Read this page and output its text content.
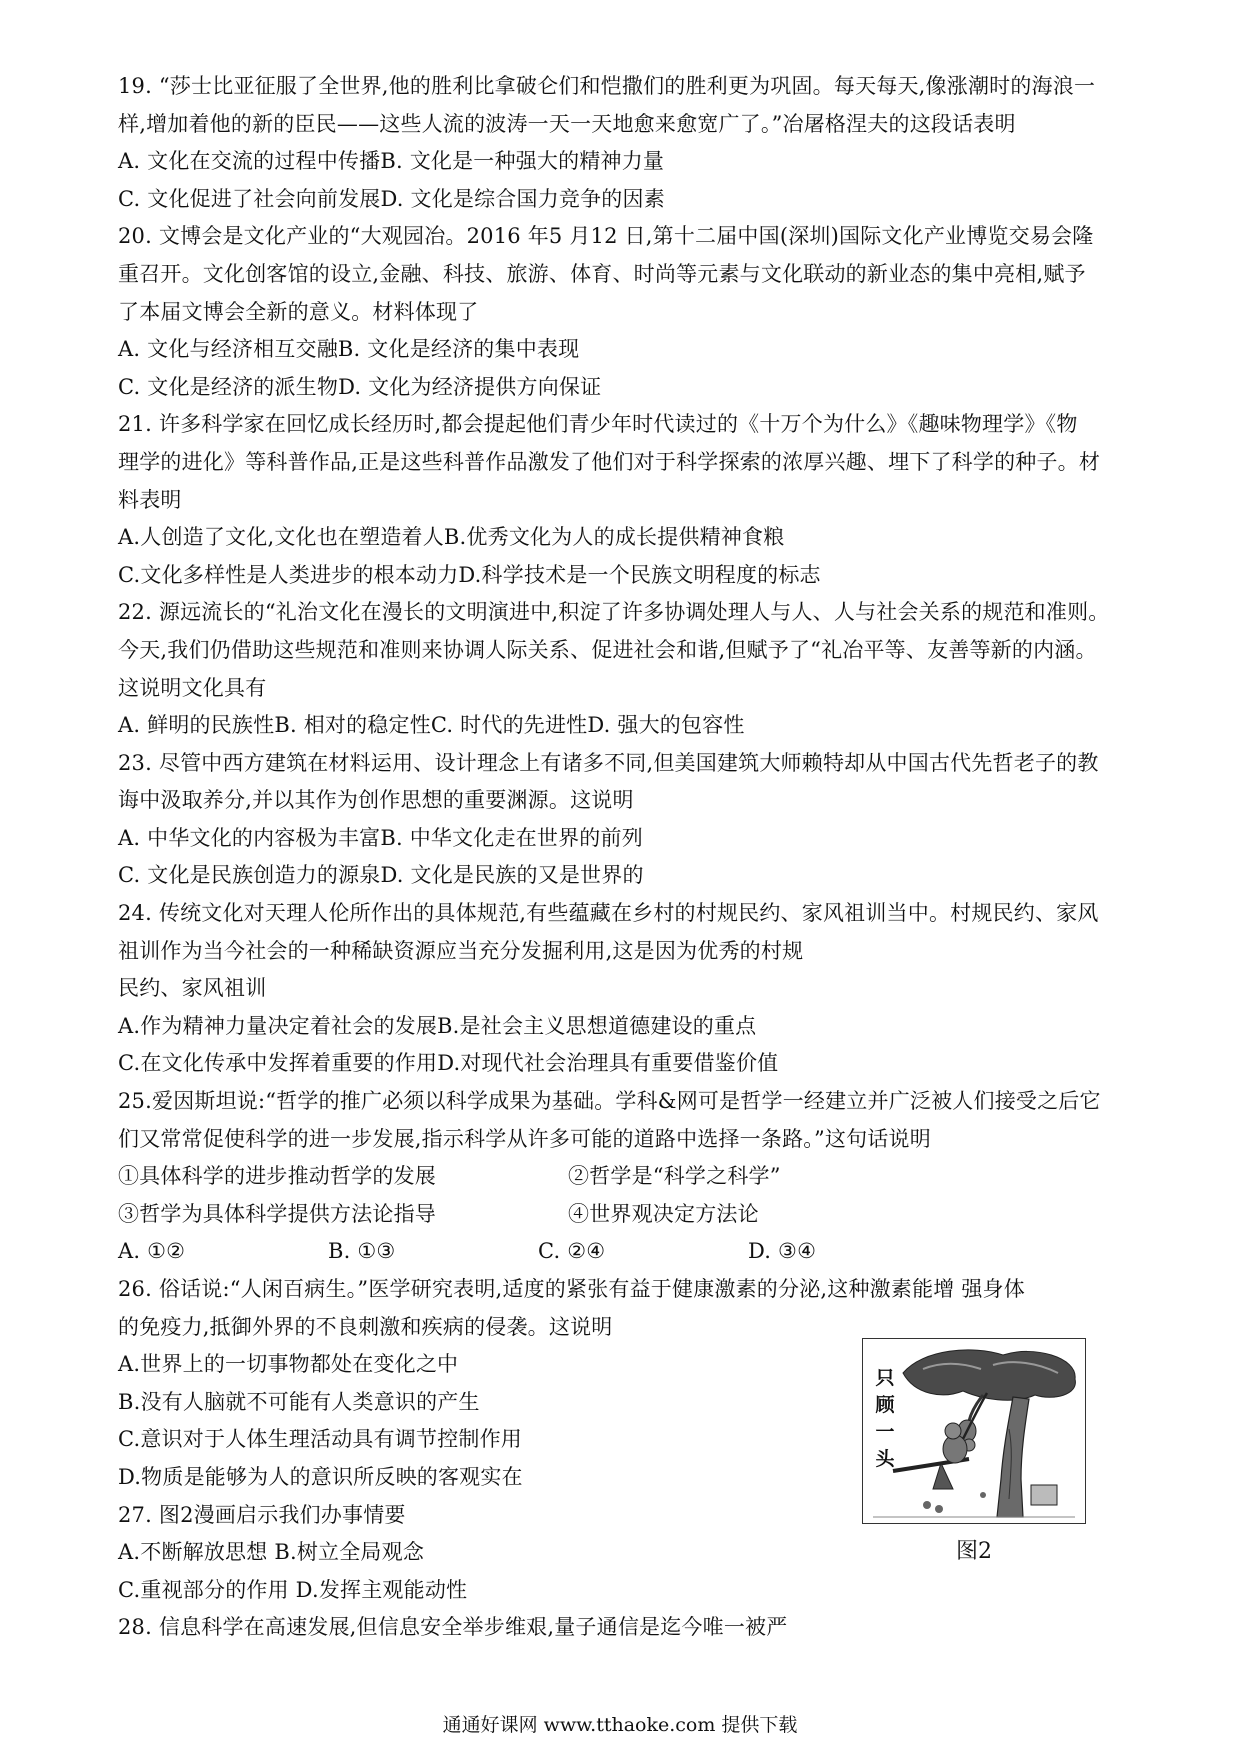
19. “莎士比亚征服了全世界,他的胜利比拿破仑们和恺撒们的胜利更为巩固。每天每天,像涨潮时的海浪一
样,增加着他的新的臣民——这些人流的波涛一天一天地愈来愈宽广了。”冶屠格涅夫的这段话表明
A. 文化在交流的过程中传播B. 文化是一种强大的精神力量
C. 文化促进了社会向前发展D. 文化是综合国力竞争的因素
20. 文博会是文化产业的“大观园冶。2016 年5 月12 日,第十二届中国(深圳)国际文化产业博览交易会隆
重召开。文化创客馆的设立,金融、科技、旅游、体育、时尚等元素与文化联动的新业态的集中亮相,赋予
了本届文博会全新的意义。材料体现了
A. 文化与经济相互交融B. 文化是经济的集中表现
C. 文化是经济的派生物D. 文化为经济提供方向保证
21. 许多科学家在回忆成长经历时,都会提起他们青少年时代读过的《十万个为什么》《趣味物理学》《物
理学的进化》等科普作品,正是这些科普作品激发了他们对于科学探索的浓厚兴趣、埋下了科学的种子。材
料表明
A.人创造了文化,文化也在塑造着人B.优秀文化为人的成长提供精神食粮
C.文化多样性是人类进步的根本动力D.科学技术是一个民族文明程度的标志
22. 源远流长的“礼治文化在漫长的文明演进中,积淀了许多协调处理人与人、人与社会关系的规范和准则。
今天,我们仍借助这些规范和准则来协调人际关系、促进社会和谐,但赋予了“礼冶平等、友善等新的内涵。
这说明文化具有
A. 鲜明的民族性B. 相对的稳定性C. 时代的先进性D. 强大的包容性
23. 尽管中西方建筑在材料运用、设计理念上有诸多不同,但美国建筑大师赖特却从中国古代先哲老子的教
诲中汲取养分,并以其作为创作思想的重要渊源。这说明
A. 中华文化的内容极为丰富B. 中华文化走在世界的前列
C. 文化是民族创造力的源泉D. 文化是民族的又是世界的
24. 传统文化对天理人伦所作出的具体规范,有些蕴藏在乡村的村规民约、家风祖训当中。村规民约、家风
祖训作为当今社会的一种稀缺资源应当充分发掘利用,这是因为优秀的村规
民约、家风祖训
A.作为精神力量决定着社会的发展B.是社会主义思想道德建设的重点
C.在文化传承中发挥着重要的作用D.对现代社会治理具有重要借鉴价值
25.爱因斯坦说:“哲学的推广必须以科学成果为基础。学科&网可是哲学一经建立并广泛被人们接受之后它
们又常常促使科学的进一步发展,指示科学从许多可能的道路中选择一条路。”这句话说明
①具体科学的进步推动哲学的发展	②哲学是“科学之科学”
③哲学为具体科学提供方法论指导	④世界观决定方法论
A. ①②	B. ①③	C. ②④	D. ③④
26. 俗话说:“人闲百病生。”医学研究表明,适度的紧张有益于健康激素的分泌,这种激素能增 强身体
的免疫力,抵御外界的不良刺激和疾病的侵袭。这说明
A.世界上的一切事物都处在变化之中
B.没有人脑就不可能有人类意识的产生
C.意识对于人体生理活动具有调节控制作用
D.物质是能够为人的意识所反映的客观实在
27. 图2漫画启示我们办事情要
A.不断解放思想 B.树立全局观念
C.重视部分的作用 D.发挥主观能动性
28. 信息科学在高速发展,但信息安全举步维艰,量子通信是迄今唯一被严
只
顾
一
头
图2
通通好课网 www.tthaoke.com 提供下载
